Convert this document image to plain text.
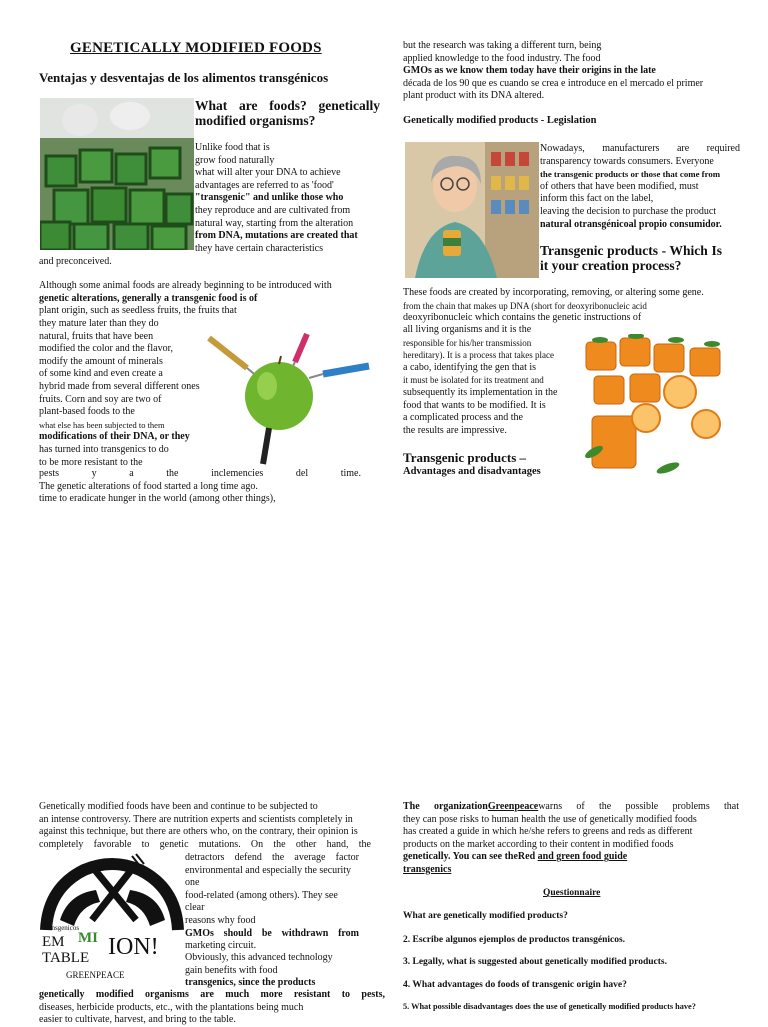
GENETICALLY MODIFIED FOODS
Ventajas y desventajas de los alimentos transgénicos
What are foods? genetically modified organisms?

Unlike food that is

grow food naturally

what will alter your DNA to achieve

advantages are referred to as 'food'

"transgenic" and unlike those who

they reproduce and are cultivated from

natural way, starting from the alteration

from DNA, mutations are created that

they have certain characteristics

and preconceived.

Although some animal foods are already beginning to be introduced with

genetic alterations, generally a transgenic food is of

plant origin, such as seedless fruits, the fruits that

they mature later than they do

natural, fruits that have been

modified the color and the flavor,

modify the amount of minerals

of some kind and even create a

hybrid made from several different ones

fruits. Corn and soy are two of

plant-based foods to the

what else has been subjected to them

modifications of their DNA, or they

has turned into transgenics to do

to be more resistant to the

pests y a the inclemencies del time.

The genetic alterations of food started a long time ago.

time to eradicate hunger in the world (among other things),

but the research was taking a different turn, being

applied knowledge to the food industry. The food

GMOs as we know them today have their origins in the late

década de los 90 que es cuando se crea e introduce en el mercado el primer

plant product with its DNA altered.

Genetically modified products - Legislation

Nowadays, manufacturers are required

transparency towards consumers. Everyone

the transgenic products or those that come from

of others that have been modified, must

inform this fact on the label,

leaving the decision to purchase the product

natural otransgénicoal propio consumidor.

Transgenic products - Which Is it your creation process?

These foods are created by incorporating, removing, or altering some gene.

from the chain that makes up DNA (short for deoxyribonucleic acid

deoxyribonucleic which contains the genetic instructions of

all living organisms and it is the

responsible for his/her transmission

hereditary). It is a process that takes place

a cabo, identifying the gen that is

it must be isolated for its treatment and

subsequently its implementation in the

food that wants to be modified. It is

a complicated process and the

the results are impressive.

Transgenic products –
Advantages and disadvantages

Genetically modified foods have been and continue to be subjected to

an intense controversy. There are nutrition experts and scientists completely in

against this technique, but there are others who, on the contrary, their opinion is

completely favorable to genetic mutations. On the other hand, the

detractors defend the average factor

environmental and especially the security one

food-related (among others). They see clear

reasons why food

GMOs should be withdrawn from

marketing circuit.

Transgenicos
EM MI ION!
TABLE
GREENPEACE

Obviously, this advanced technology

gain benefits with food

transgenics, since the products

genetically modified organisms are much more resistant to pests,

diseases, herbicide products, etc., with the plantations being much

easier to cultivate, harvest, and bring to the table.

The organizationGreenpeacewarns of the possible problems that

they can pose risks to human health the use of genetically modified foods

has created a guide in which he/she refers to greens and reds as different

products on the market according to their content in modified foods

genetically. You can see theRed and green food guide

transgenics

Questionnaire
What are genetically modified products?
2. Escribe algunos ejemplos de productos transgénicos.
3. Legally, what is suggested about genetically modified products.
4. What advantages do foods of transgenic origin have?
5. What possible disadvantages does the use of genetically modified products have?
